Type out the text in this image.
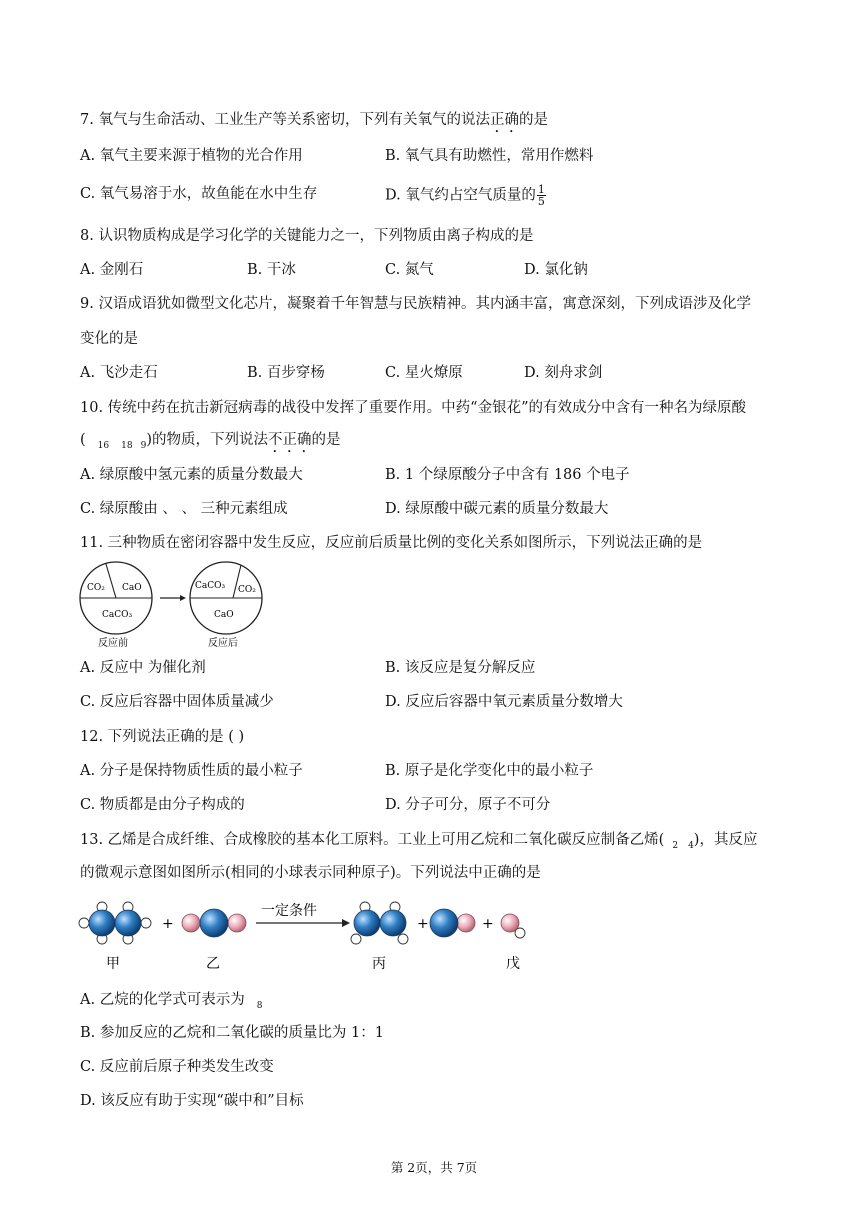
7. 氧气与生命活动、工业生产等关系密切，下列有关氧气的说法正确的是
A. 氧气主要来源于植物的光合作用	B. 氧气具有助燃性，常用作燃料
C. 氧气易溶于水，故鱼能在水中生存	D. 氧气约占空气质量的 $\frac{1}{5}$
8. 认识物质构成是学习化学的关键能力之一，下列物质由离子构成的是
A. 金刚石	B. 干冰	C. 氮气	D. 氯化钠
9. 汉语成语犹如微型文化芯片，凝聚着千年智慧与民族精神。其内涵丰富，寓意深刻，下列成语涉及化学
变化的是
A. 飞沙走石	B. 百步穿杨	C. 星火燎原	D. 刻舟求剑
10. 传统中药在抗击新冠病毒的战役中发挥了重要作用。中药“金银花”的有效成分中含有一种名为绿原酸
( $_{16}$ $_{18}$ $_9$)的物质，下列说法不正确的是
A. 绿原酸中氢元素的质量分数最大	B. 1 个绿原酸分子中含有 186 个电子
C. 绿原酸由 、 、 三种元素组成	D. 绿原酸中碳元素的质量分数最大
11. 三种物质在密闭容器中发生反应，反应前后质量比例的变化关系如图所示，下列说法正确的是
CO₂ CaO
CaCO₃
反应前
CaCO₃ CO₂
CaO
反应后
A. 反应中 为催化剂	B. 该反应是复分解反应
C. 反应后容器中固体质量减少	D. 反应后容器中氧元素质量分数增大
12. 下列说法正确的是 ( )
A. 分子是保持物质性质的最小粒子	B. 原子是化学变化中的最小粒子
C. 物质都是由分子构成的	D. 分子可分，原子不可分
13. 乙烯是合成纤维、合成橡胶的基本化工原料。工业上可用乙烷和二氧化碳反应制备乙烯( $_2$ $_4$)，其反应
的微观示意图如图所示(相同的小球表示同种原子)。下列说法中正确的是
甲
+
乙
一定条件
丙
+	+
戊
A. 乙烷的化学式可表示为 $_8$
B. 参加反应的乙烷和二氧化碳的质量比为 1：1
C. 反应前后原子种类发生改变
D. 该反应有助于实现“碳中和”目标
第 2页，共 7页
